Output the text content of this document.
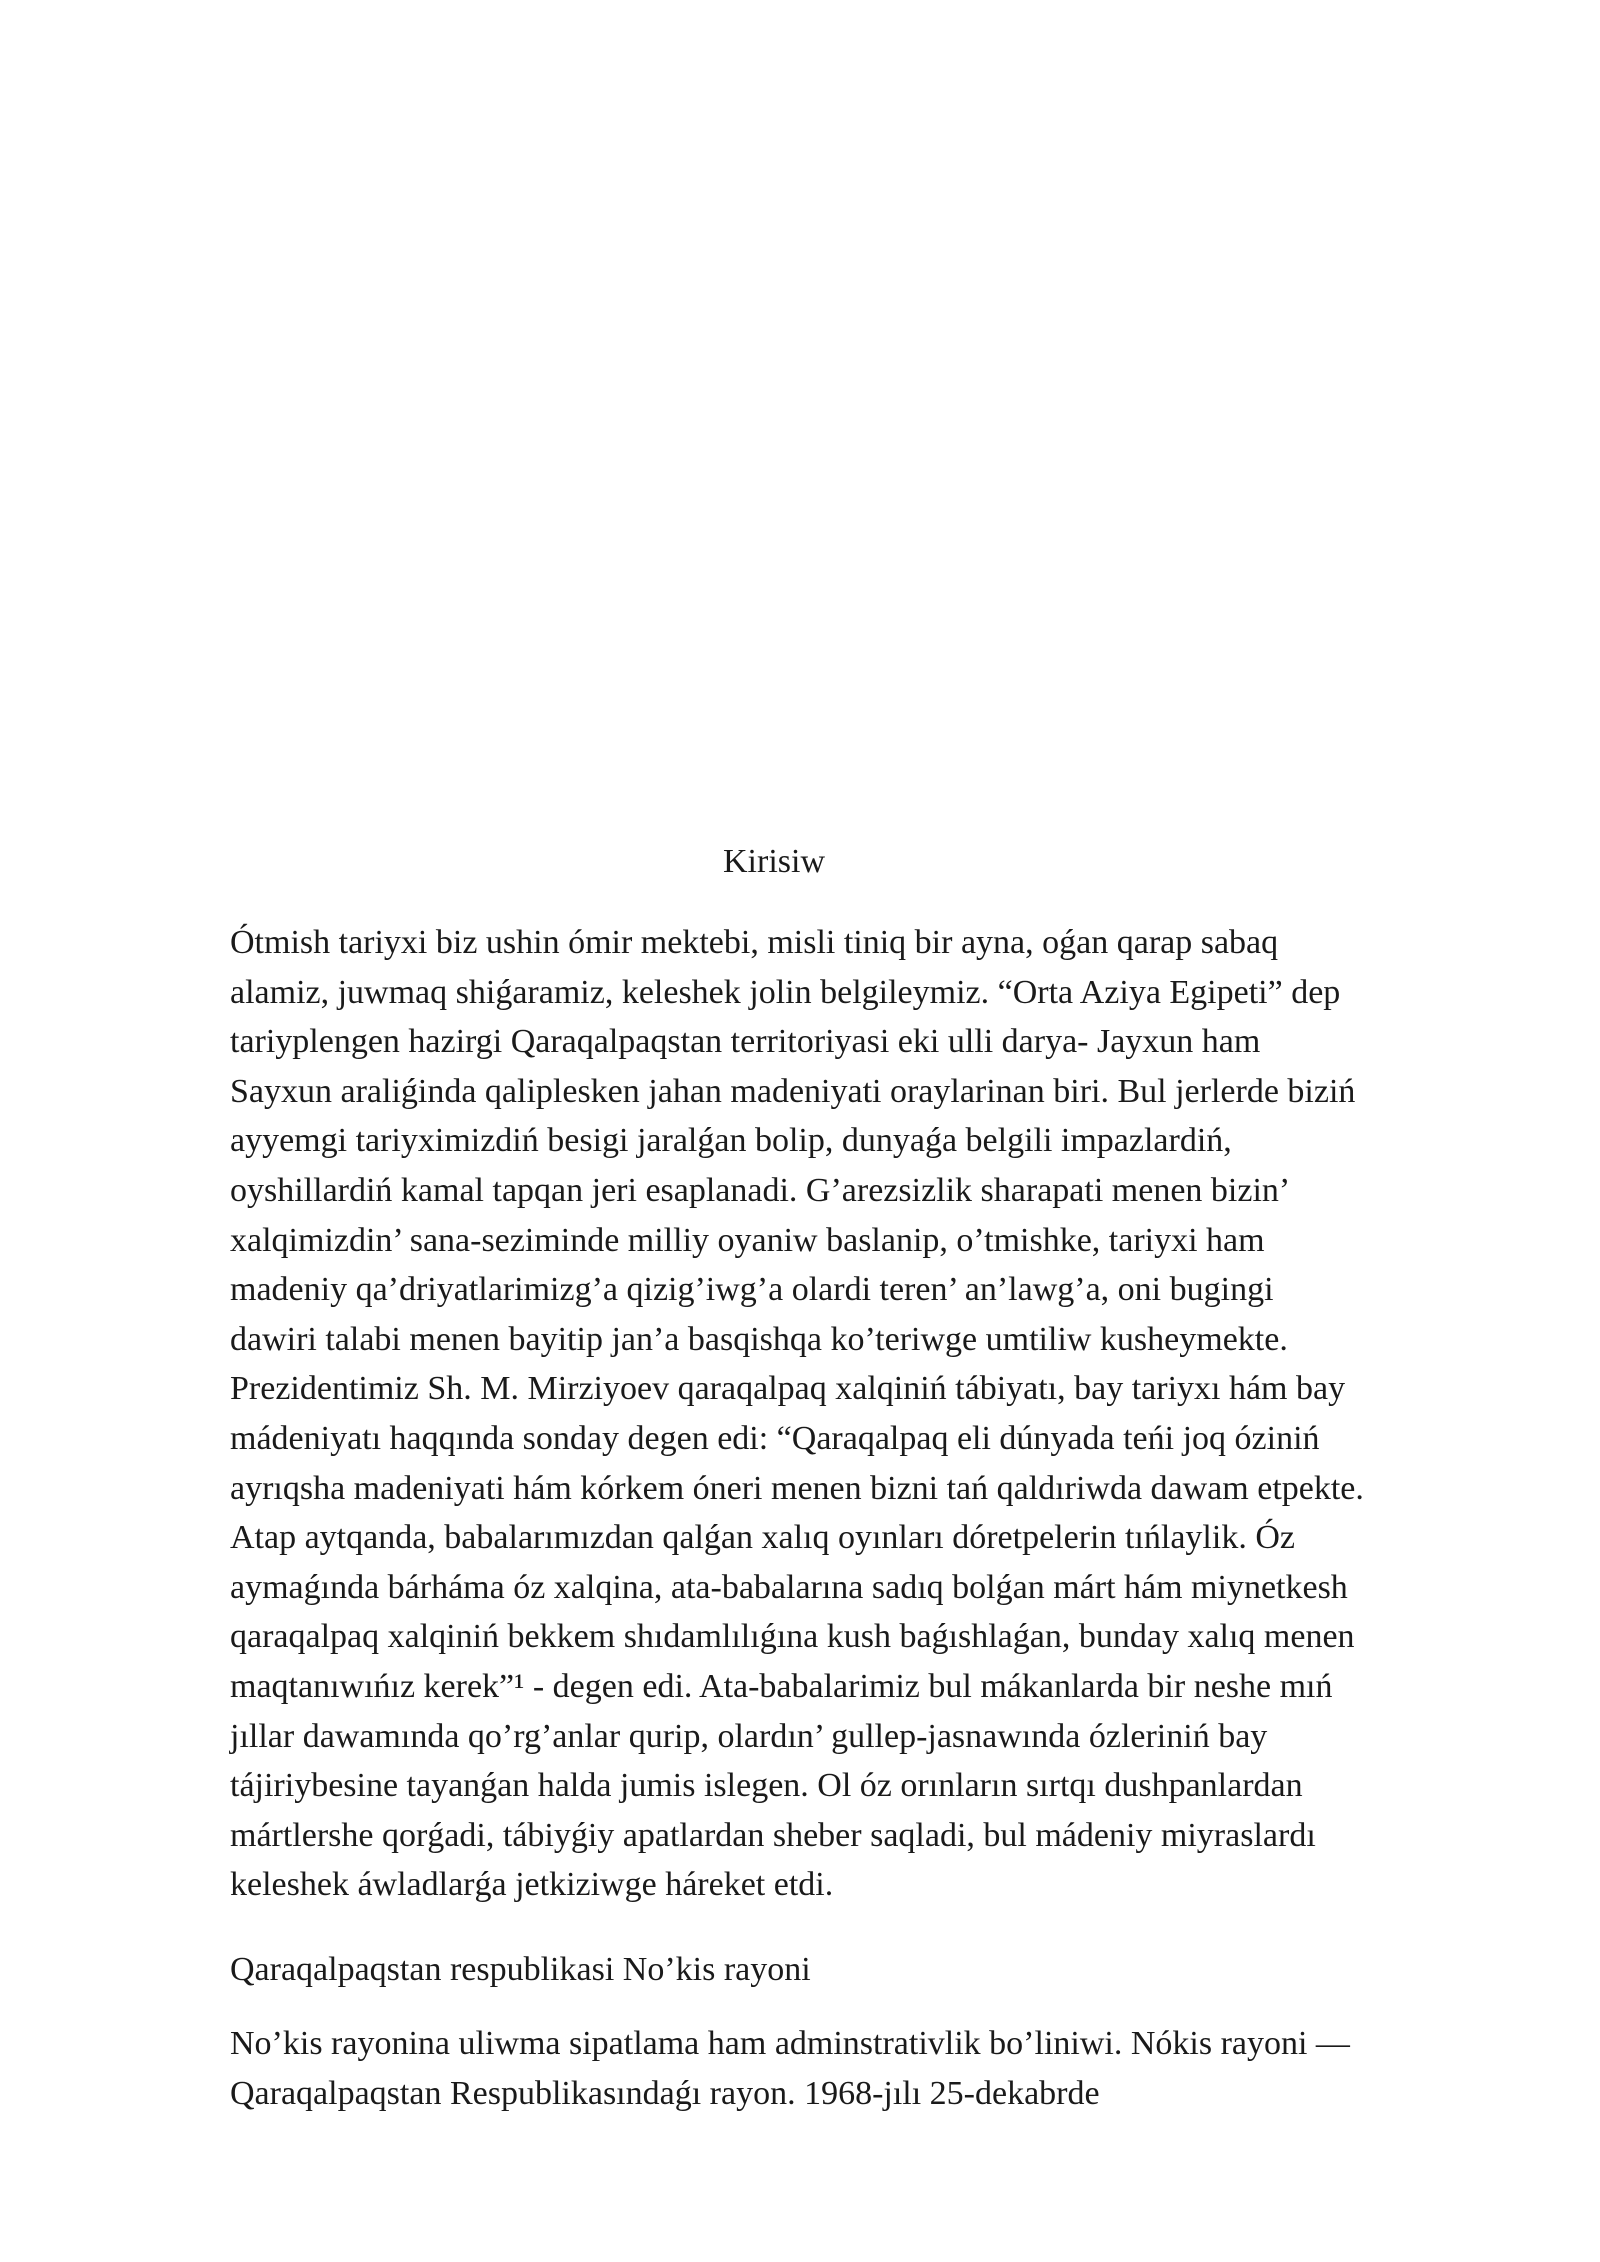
Kirisiw
Ótmish tariyxi biz ushin ómir mektebi, misli tiniq bir ayna, oǵan qarap sabaq
alamiz, juwmaq shiǵaramiz, keleshek jolin belgileymiz. “Orta Aziya Egipeti” dep
tariyplengen hazirgi Qaraqalpaqstan territoriyasi eki ulli darya- Jayxun ham
Sayxun araliǵinda qaliplesken jahan madeniyati oraylarinan biri. Bul jerlerde biziń
ayyemgi tariyximizdiń besigi jaralǵan bolip, dunyaǵa belgili impazlardiń,
oyshillardiń kamal tapqan jeri esaplanadi. G’arezsizlik sharapati menen bizin’
xalqimizdin’ sana-seziminde milliy oyaniw baslanip, o’tmishke, tariyxi ham
madeniy qa’driyatlarimizg’a qizig’iwg’a olardi teren’ an’lawg’a, oni bugingi
dawiri talabi menen bayitip jan’a basqishqa ko’teriwge umtiliw kusheymekte.
Prezidentimiz Sh. M. Mirziyoev qaraqalpaq xalqiniń tábiyatı, bay tariyxı hám bay
mádeniyatı haqqında sonday degen edi: “Qaraqalpaq eli dúnyada teńi joq óziniń
ayrıqsha madeniyati hám kórkem óneri menen bizni tań qaldıriwda dawam etpekte.
Atap aytqanda, babalarımızdan qalǵan xalıq oyınları dóretpelerin tıńlaylik. Óz
aymaǵında bárháma óz xalqina, ata-babalarına sadıq bolǵan márt hám miynetkesh
qaraqalpaq xalqiniń bekkem shıdamlılıǵına kush baǵıshlaǵan, bunday xalıq menen
maqtanıwıńız kerek”¹ - degen edi. Ata-babalarimiz bul mákanlarda bir neshe mıń
jıllar dawamında qo’rg’anlar qurip, olardın’ gullep-jasnawında ózleriniń bay
tájiriybesine tayanǵan halda jumis islegen. Ol óz orınların sırtqı dushpanlardan
mártlershe qorǵadi, tábiyǵiy apatlardan sheber saqladi, bul mádeniy miyraslardı
keleshek áwladlarǵa jetkiziwge háreket etdi.
Qaraqalpaqstan respublikasi No’kis rayoni
No’kis rayonina uliwma sipatlama ham adminstrativlik bo’liniwi. Nókis rayoni —
Qaraqalpaqstan Respublikasındaǵı rayon. 1968-jılı 25-dekabrde
